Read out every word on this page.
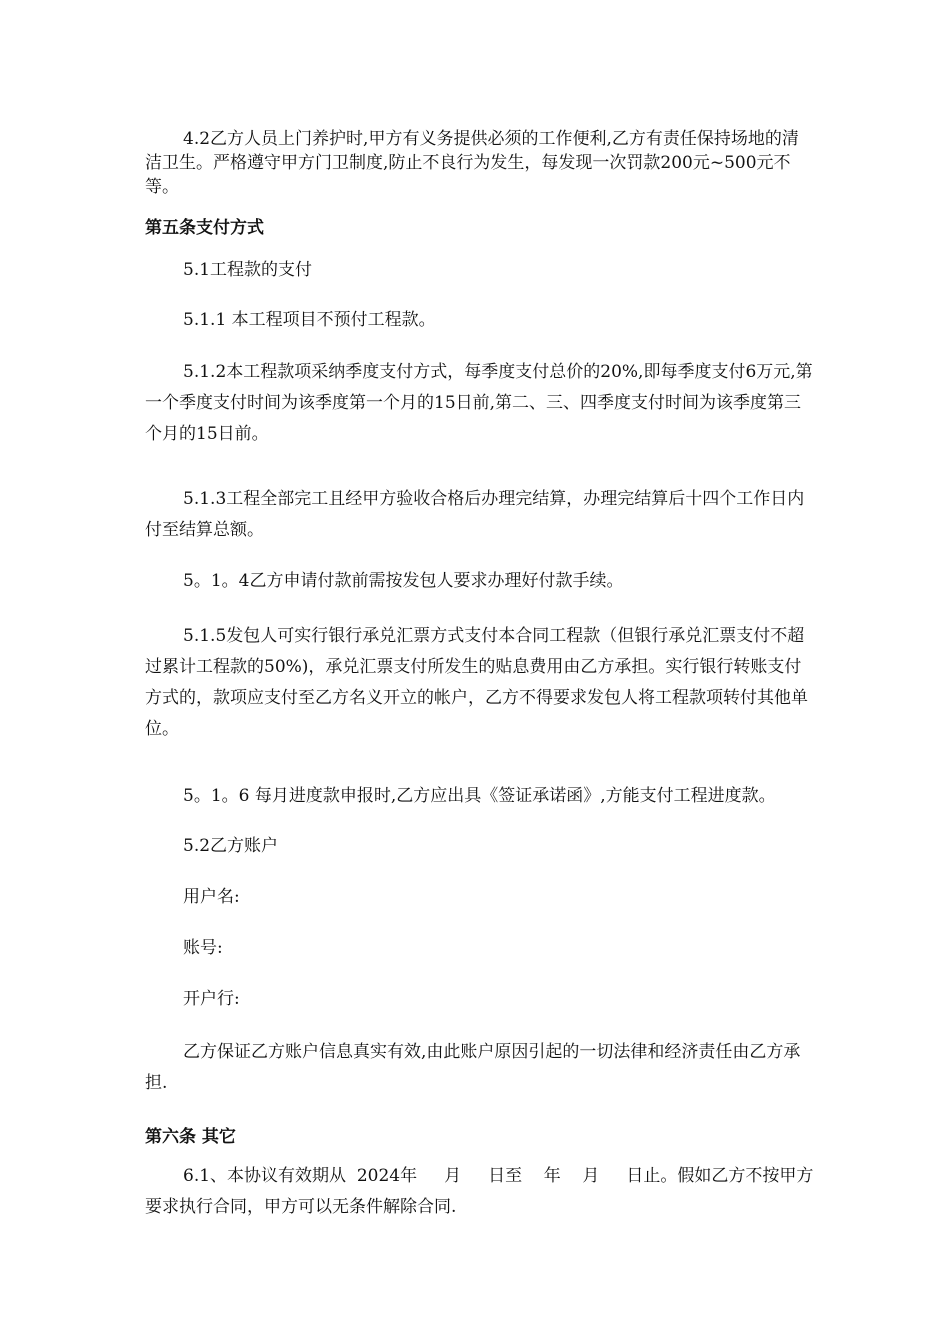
4.2乙方人员上门养护时,甲方有义务提供必须的工作便利,乙方有责任保持场地的清洁卫生。严格遵守甲方门卫制度,防止不良行为发生，每发现一次罚款200元~500元不等。

第五条支付方式

5.1工程款的支付

5.1.1 本工程项目不预付工程款。

5.1.2本工程款项采纳季度支付方式，每季度支付总价的20%,即每季度支付6万元,第一个季度支付时间为该季度第一个月的15日前,第二、三、四季度支付时间为该季度第三个月的15日前。

5.1.3工程全部完工且经甲方验收合格后办理完结算，办理完结算后十四个工作日内付至结算总额。

5。1。4乙方申请付款前需按发包人要求办理好付款手续。

5.1.5发包人可实行银行承兑汇票方式支付本合同工程款（但银行承兑汇票支付不超过累计工程款的50%)，承兑汇票支付所发生的贴息费用由乙方承担。实行银行转账支付方式的，款项应支付至乙方名义开立的帐户，乙方不得要求发包人将工程款项转付其他单位。

5。1。6 每月进度款申报时,乙方应出具《签证承诺函》,方能支付工程进度款。

5.2乙方账户

用户名:

账号:

开户行:

乙方保证乙方账户信息真实有效,由此账户原因引起的一切法律和经济责任由乙方承担.

第六条 其它

6.1、本协议有效期从  2024年     月     日至    年    月     日止。假如乙方不按甲方要求执行合同，甲方可以无条件解除合同.
